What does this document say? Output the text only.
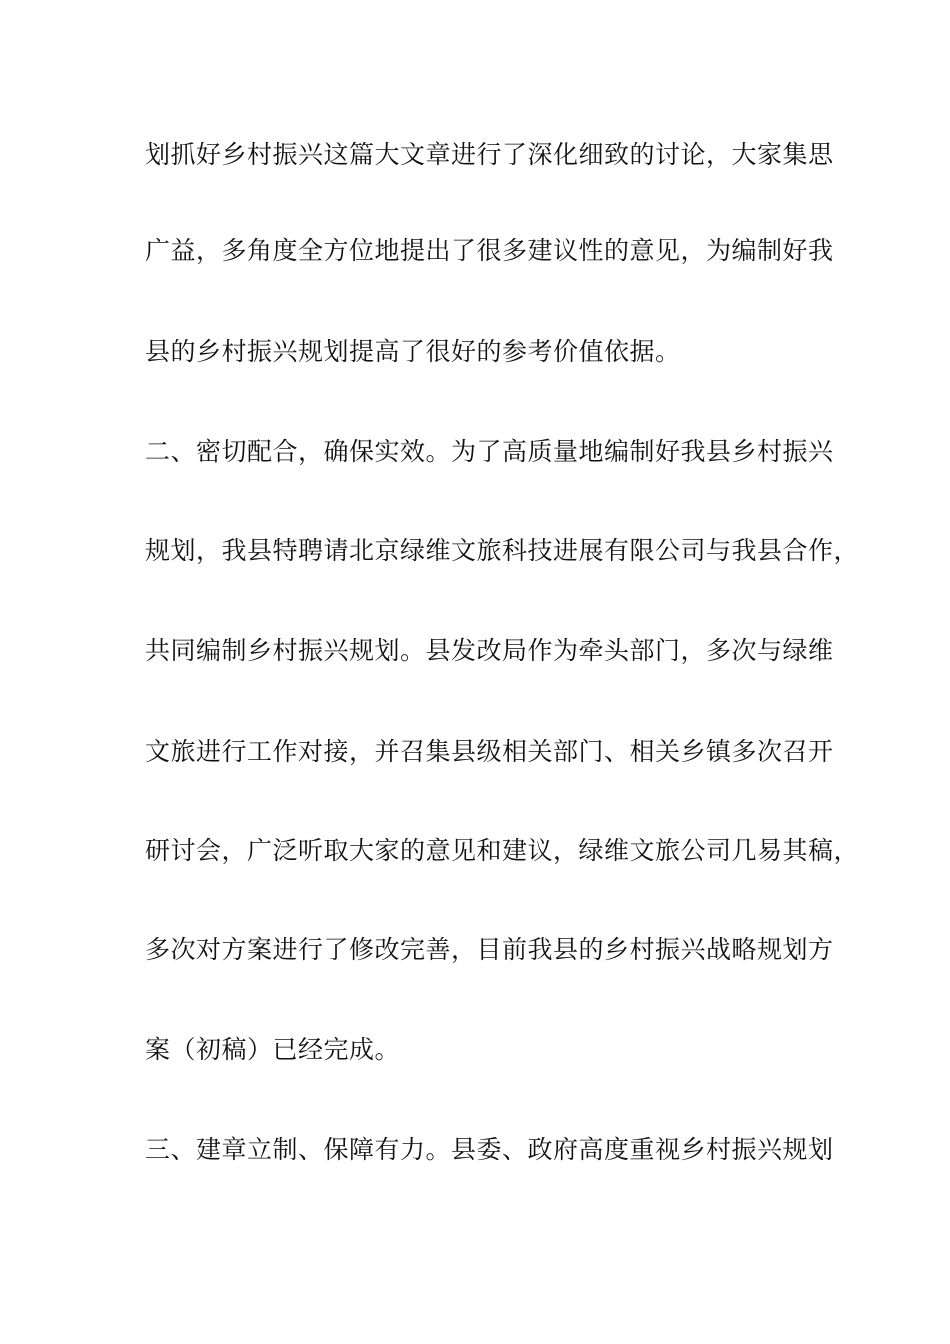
划抓好乡村振兴这篇大文章进行了深化细致的讨论，大家集思
广益，多角度全方位地提出了很多建议性的意见，为编制好我
县的乡村振兴规划提高了很好的参考价值依据。
二、密切配合，确保实效。为了高质量地编制好我县乡村振兴
规划，我县特聘请北京绿维文旅科技进展有限公司与我县合作，
共同编制乡村振兴规划。县发改局作为牵头部门，多次与绿维
文旅进行工作对接，并召集县级相关部门、相关乡镇多次召开
研讨会，广泛听取大家的意见和建议，绿维文旅公司几易其稿，
多次对方案进行了修改完善，目前我县的乡村振兴战略规划方
案（初稿）已经完成。
三、建章立制、保障有力。县委、政府高度重视乡村振兴规划
